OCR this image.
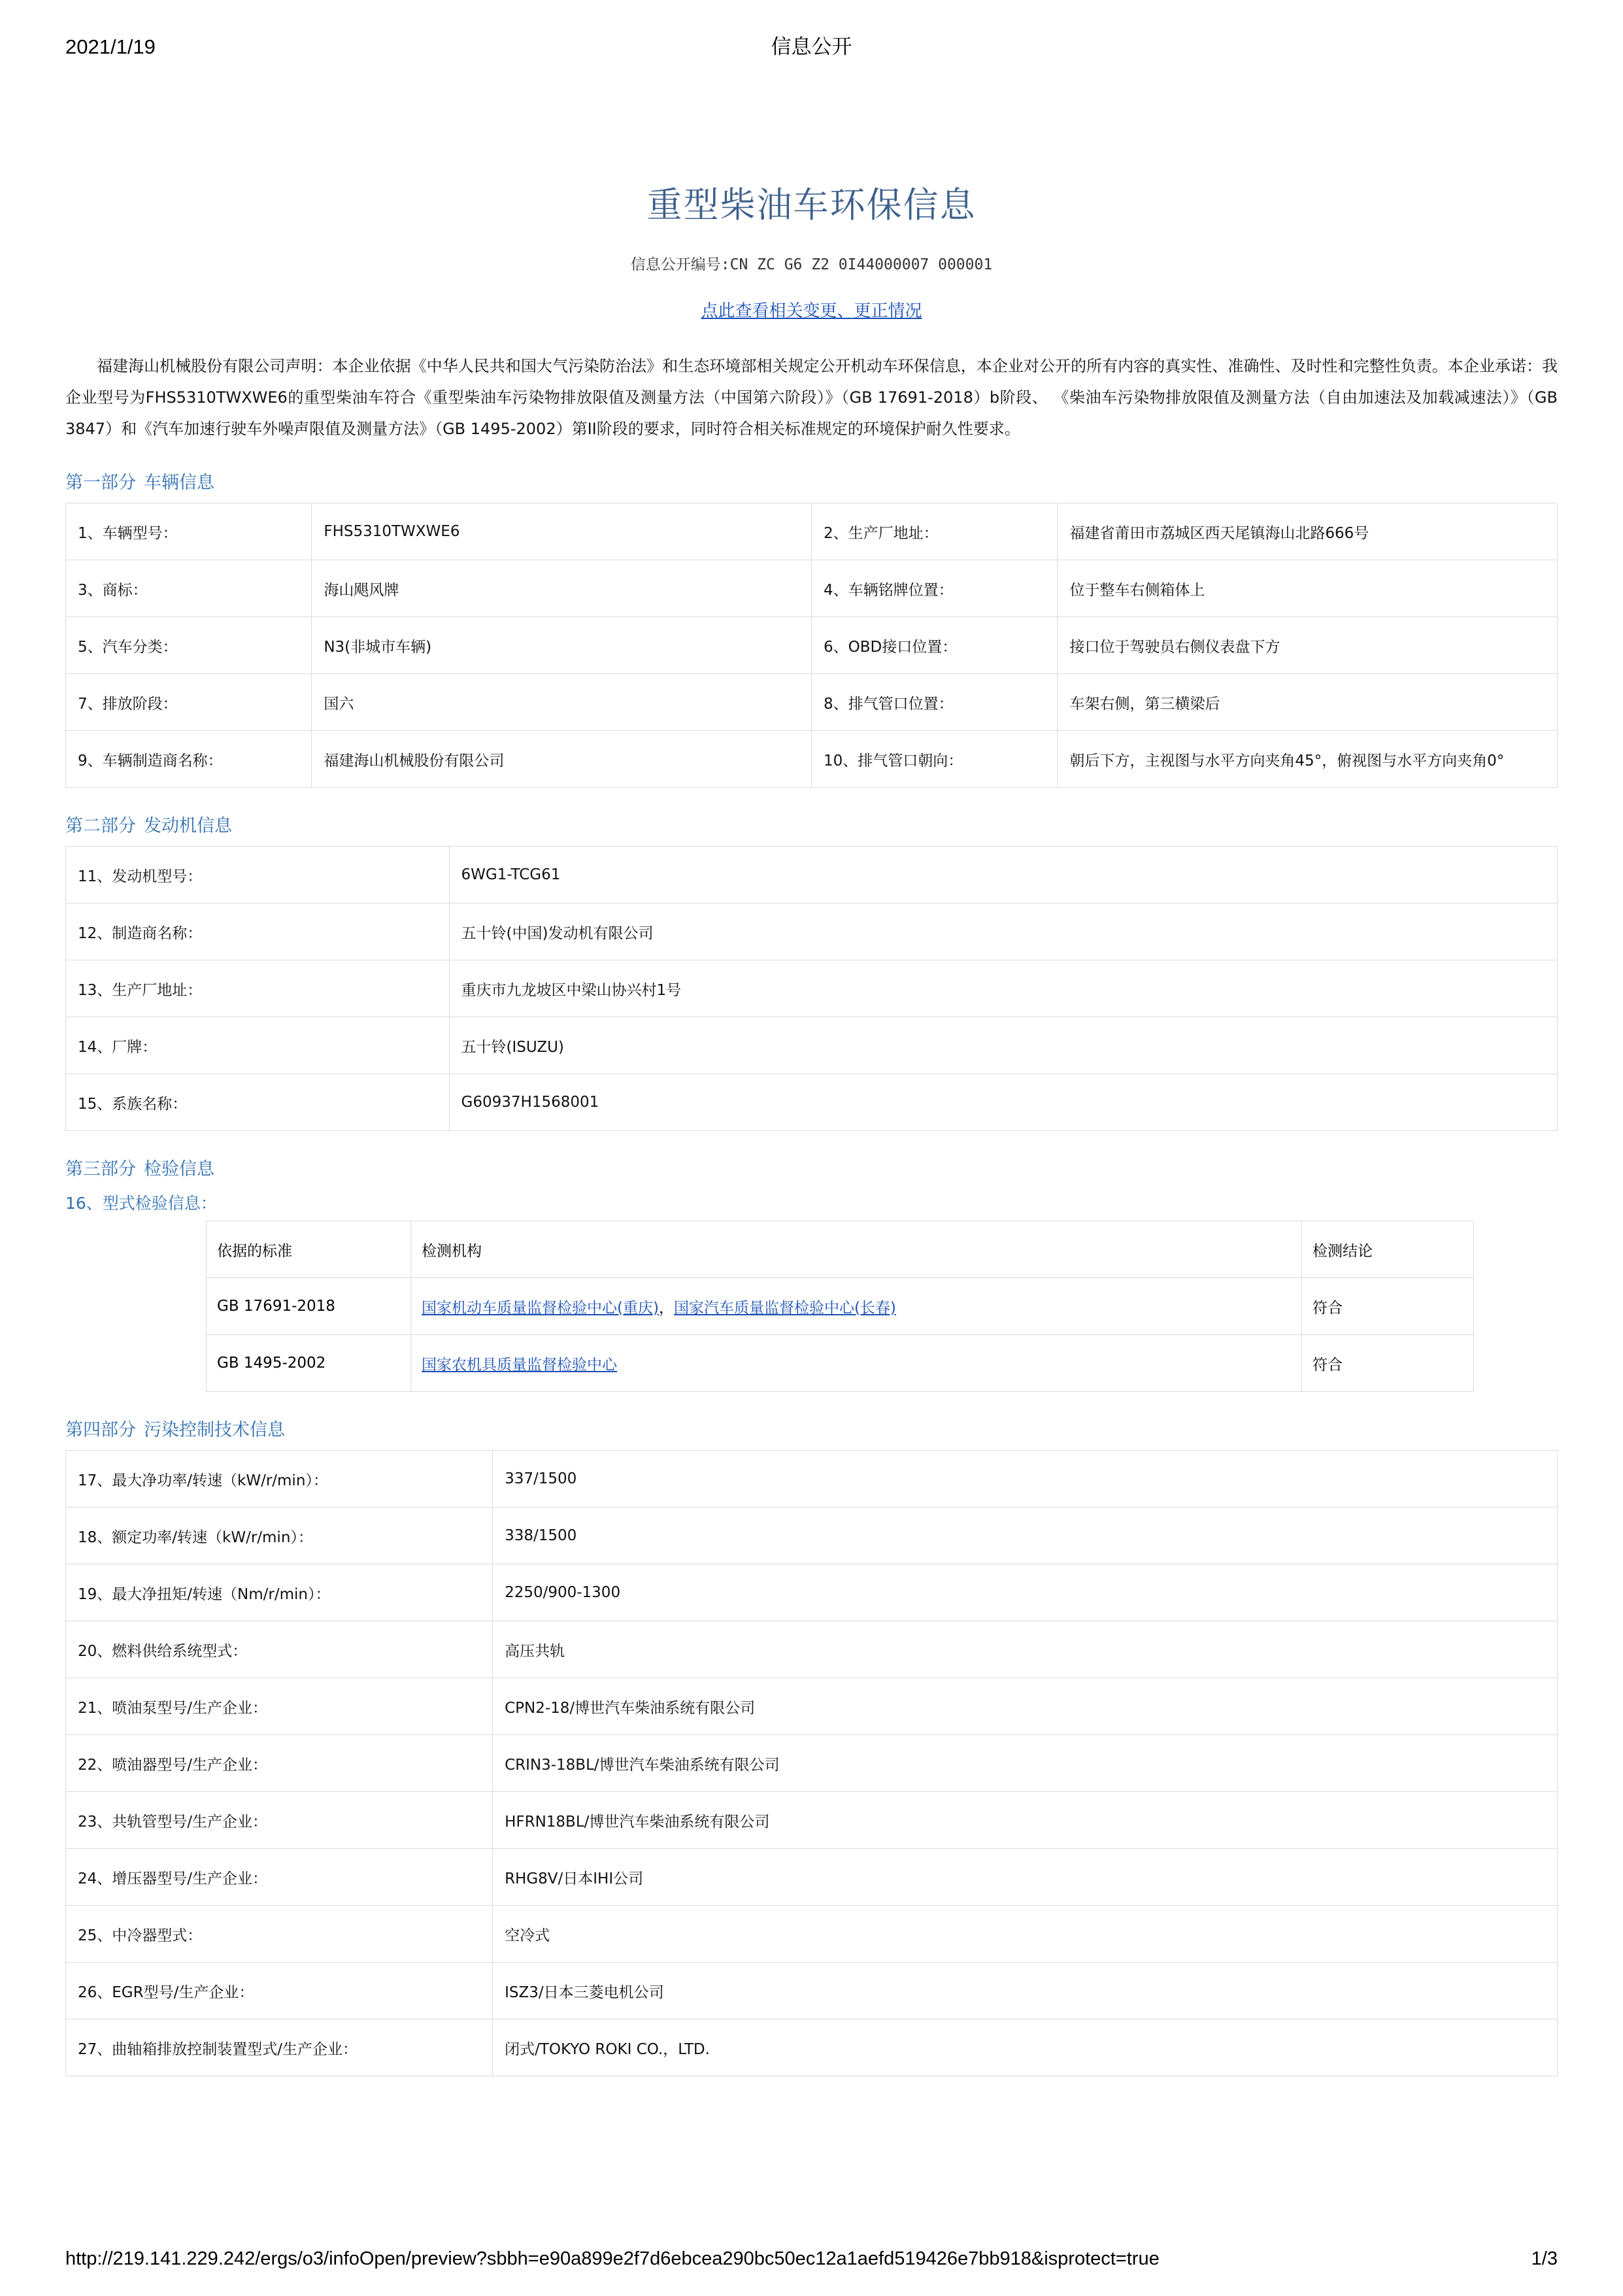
2021/1/19	信息公开
重型柴油车环保信息
信息公开编号:CN ZC G6 Z2 0I44000007 000001
点此查看相关变更、更正情况
福建海山机械股份有限公司声明：本企业依据《中华人民共和国大气污染防治法》和生态环境部相关规定公开机动车环保信息，本企业对公开的所有内容的真实性、准确性、及时性和完整性负责。本企业承诺：我企业型号为FHS5310TWXWE6的重型柴油车符合《重型柴油车污染物排放限值及测量方法（中国第六阶段）》（GB 17691-2018）b阶段、 《柴油车污染物排放限值及测量方法（自由加速法及加载减速法）》（GB 3847）和《汽车加速行驶车外噪声限值及测量方法》（GB 1495-2002）第II阶段的要求，同时符合相关标准规定的环境保护耐久性要求。
第一部分 车辆信息
1、车辆型号：	FHS5310TWXWE6	2、生产厂地址：	福建省莆田市荔城区西天尾镇海山北路666号
3、商标：	海山飓风牌	4、车辆铭牌位置：	位于整车右侧箱体上
5、汽车分类：	N3(非城市车辆)	6、OBD接口位置：	接口位于驾驶员右侧仪表盘下方
7、排放阶段：	国六	8、排气管口位置：	车架右侧，第三横梁后
9、车辆制造商名称：	福建海山机械股份有限公司	10、排气管口朝向：	朝后下方，主视图与水平方向夹角45°，俯视图与水平方向夹角0°
第二部分 发动机信息
11、发动机型号：	6WG1-TCG61
12、制造商名称：	五十铃(中国)发动机有限公司
13、生产厂地址：	重庆市九龙坡区中梁山协兴村1号
14、厂牌：	五十铃(ISUZU)
15、系族名称：	G60937H1568001
第三部分 检验信息
16、型式检验信息：
依据的标准	检测机构	检测结论
GB 17691-2018	国家机动车质量监督检验中心(重庆)，国家汽车质量监督检验中心(长春)	符合
GB 1495-2002	国家农机具质量监督检验中心	符合
第四部分 污染控制技术信息
17、最大净功率/转速（kW/r/min）：	337/1500
18、额定功率/转速（kW/r/min）：	338/1500
19、最大净扭矩/转速（Nm/r/min）：	2250/900-1300
20、燃料供给系统型式：	高压共轨
21、喷油泵型号/生产企业：	CPN2-18/博世汽车柴油系统有限公司
22、喷油器型号/生产企业：	CRIN3-18BL/博世汽车柴油系统有限公司
23、共轨管型号/生产企业：	HFRN18BL/博世汽车柴油系统有限公司
24、增压器型号/生产企业：	RHG8V/日本IHI公司
25、中冷器型式：	空冷式
26、EGR型号/生产企业：	ISZ3/日本三菱电机公司
27、曲轴箱排放控制装置型式/生产企业：	闭式/TOKYO ROKI CO.，LTD.
http://219.141.229.242/ergs/o3/infoOpen/preview?sbbh=e90a899e2f7d6ebcea290bc50ec12a1aefd519426e7bb918&isprotect=true	1/3
